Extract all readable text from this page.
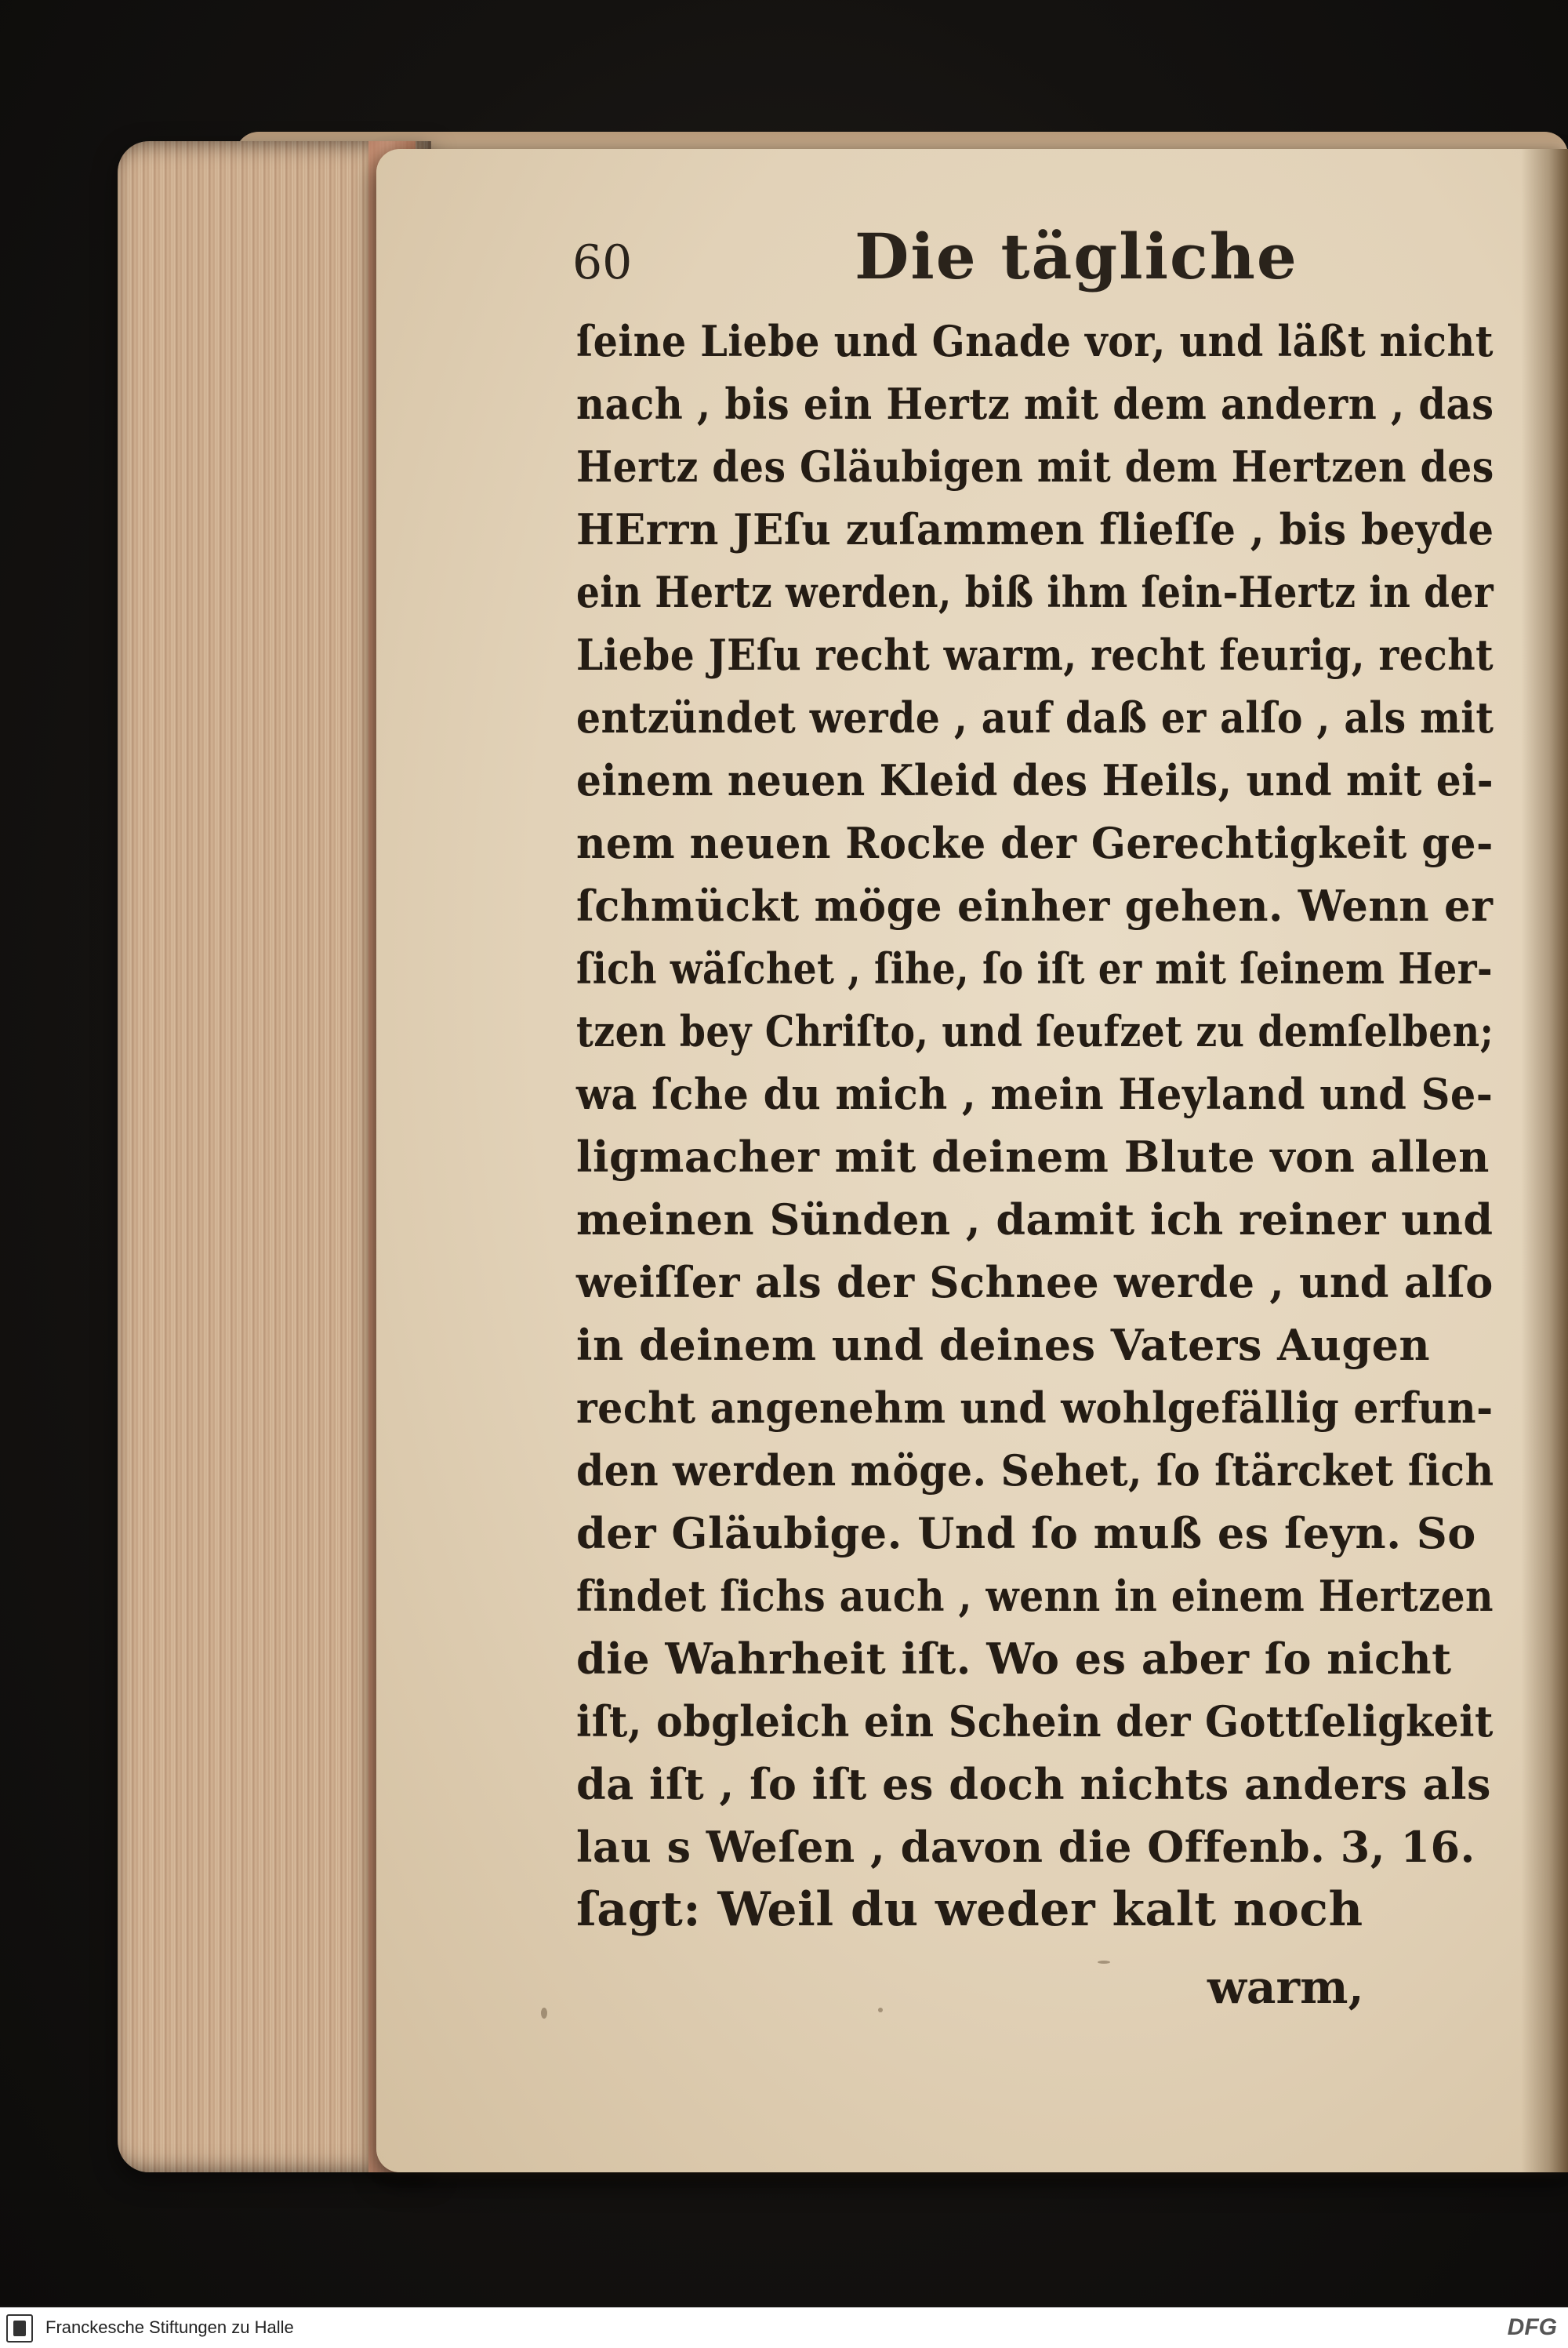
60	Die tägliche
ſeine Liebe und Gnade vor, und läßt nicht
nach , bis ein Hertz mit dem andern , das
Hertz des Gläubigen mit dem Hertzen des
HErrn JEſu zuſammen flieſſe , bis beyde
ein Hertz werden, biß ihm ſein-Hertz in der
Liebe JEſu recht warm, recht feurig, recht
entzündet werde , auf daß er alſo , als mit
einem neuen Kleid des Heils, und mit ei-
nem neuen Rocke der Gerechtigkeit ge-
ſchmückt möge einher gehen. Wenn er
ſich wäſchet , ſihe, ſo iſt er mit ſeinem Her-
tzen bey Chriſto, und ſeufzet zu demſelben;
wa ſche du mich , mein Heyland und Se-
ligmacher mit deinem Blute von allen
meinen Sünden , damit ich reiner und
weiſſer als der Schnee werde , und alſo
in deinem und deines Vaters Augen
recht angenehm und wohlgefällig erfun-
den werden möge. Sehet, ſo ſtärcket ſich
der Gläubige. Und ſo muß es ſeyn. So
findet ſichs auch , wenn in einem Hertzen
die Wahrheit iſt. Wo es aber ſo nicht
iſt, obgleich ein Schein der Gottſeligkeit
da iſt , ſo iſt es doch nichts anders als
lau s Weſen , davon die Offenb. 3, 16.
ſagt: Weil du weder kalt noch
warm,
Franckesche Stiftungen zu Halle	DFG
